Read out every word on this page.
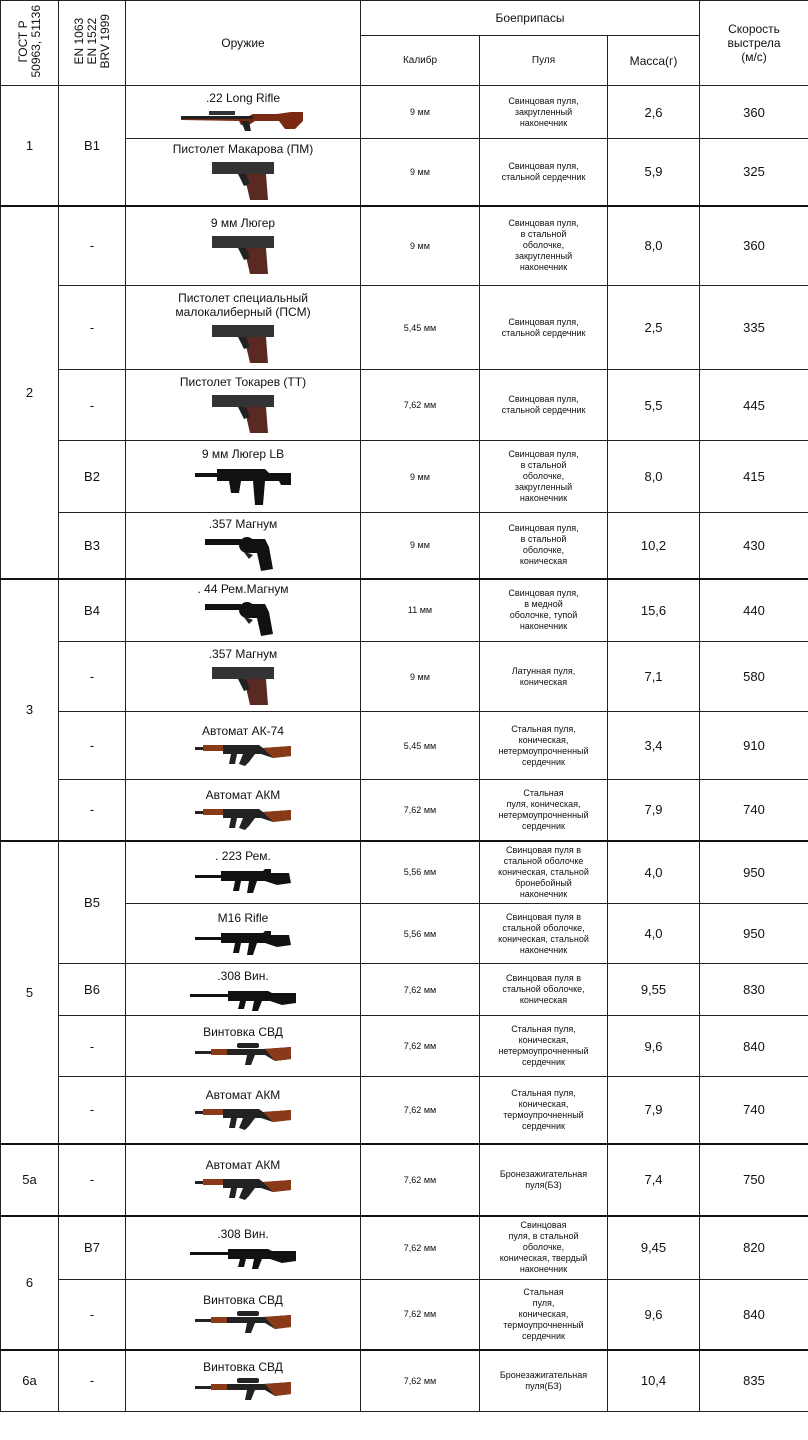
ГОСТ Р
50963, 51136	EN 1063
EN 1522
BRV 1999	Оружие	Боеприпасы			Скорость
выстрела
(м/с)
			Калибр	Пуля	Масса(г)	
1	B1	.22 Long Rifle	9 мм	Свинцовая пуля,
закругленный
наконечник	2,6	360

		Пистолет Макарова (ПМ)	9 мм	Свинцовая пуля,
стальной сердечник	5,9	325
2	-	9 мм Люгер	9 мм	Свинцовая пуля,
в стальной
оболочке,
закругленный
наконечник	8,0	360
	-	Пистолет специальный
малокалиберный (ПСМ)	5,45 мм	Свинцовая пуля,
стальной сердечник	2,5	335
	-	Пистолет Токарев (ТТ)	7,62 мм	Свинцовая пуля,
стальной сердечник	5,5	445
	B2	9 мм Люгер LB	9 мм	Свинцовая пуля,
в стальной
оболочке,
закругленный
наконечник	8,0	415
	B3	.357 Магнум	9 мм	Свинцовая пуля,
в стальной
оболочке,
коническая	10,2	430
3	B4	. 44 Рем.Магнум	11 мм	Свинцовая пуля,
в медной
оболочке, тупой
наконечник	15,6	440
	-	.357 Магнум	9 мм	Латунная пуля,
коническая	7,1	580
	-	Автомат АК-74	5,45 мм	Стальная пуля,
коническая,
нетермоупрочненный
сердечник	3,4	910
	-	Автомат АКМ	7,62 мм	Стальная
пуля, коническая,
нетермоупрочненный
сердечник	7,9	740
5	B5	. 223 Рем.	5,56 мм	Свинцовая пуля в
стальной оболочке
коническая, стальной
бронебойный
наконечник	4,0	950

		M16 Rifle	5,56 мм	Свинцовая пуля в
стальной оболочке,
коническая, стальной
наконечник	4,0	950
	B6	.308 Вин.	7,62 мм	Свинцовая пуля в
стальной оболочке,
коническая	9,55	830
	-	Винтовка СВД	7,62 мм	Стальная пуля,
коническая,
нетермоупрочненный
сердечник	9,6	840
	-	Автомат АКМ	7,62 мм	Стальная пуля,
коническая,
термоупрочненный
сердечник	7,9	740
5а	-	Автомат АКМ	7,62 мм	Бронезажигательная
пуля(БЗ)	7,4	750
6	B7	.308 Вин.	7,62 мм	Свинцовая
пуля, в стальной
оболочке,
коническая, твердый
наконечник	9,45	820
	-	Винтовка СВД	7,62 мм	Стальная
пуля,
коническая,
термоупрочненный
сердечник	9,6	840
6а	-	Винтовка СВД	7,62 мм	Бронезажигательная
пуля(БЗ)	10,4	835
